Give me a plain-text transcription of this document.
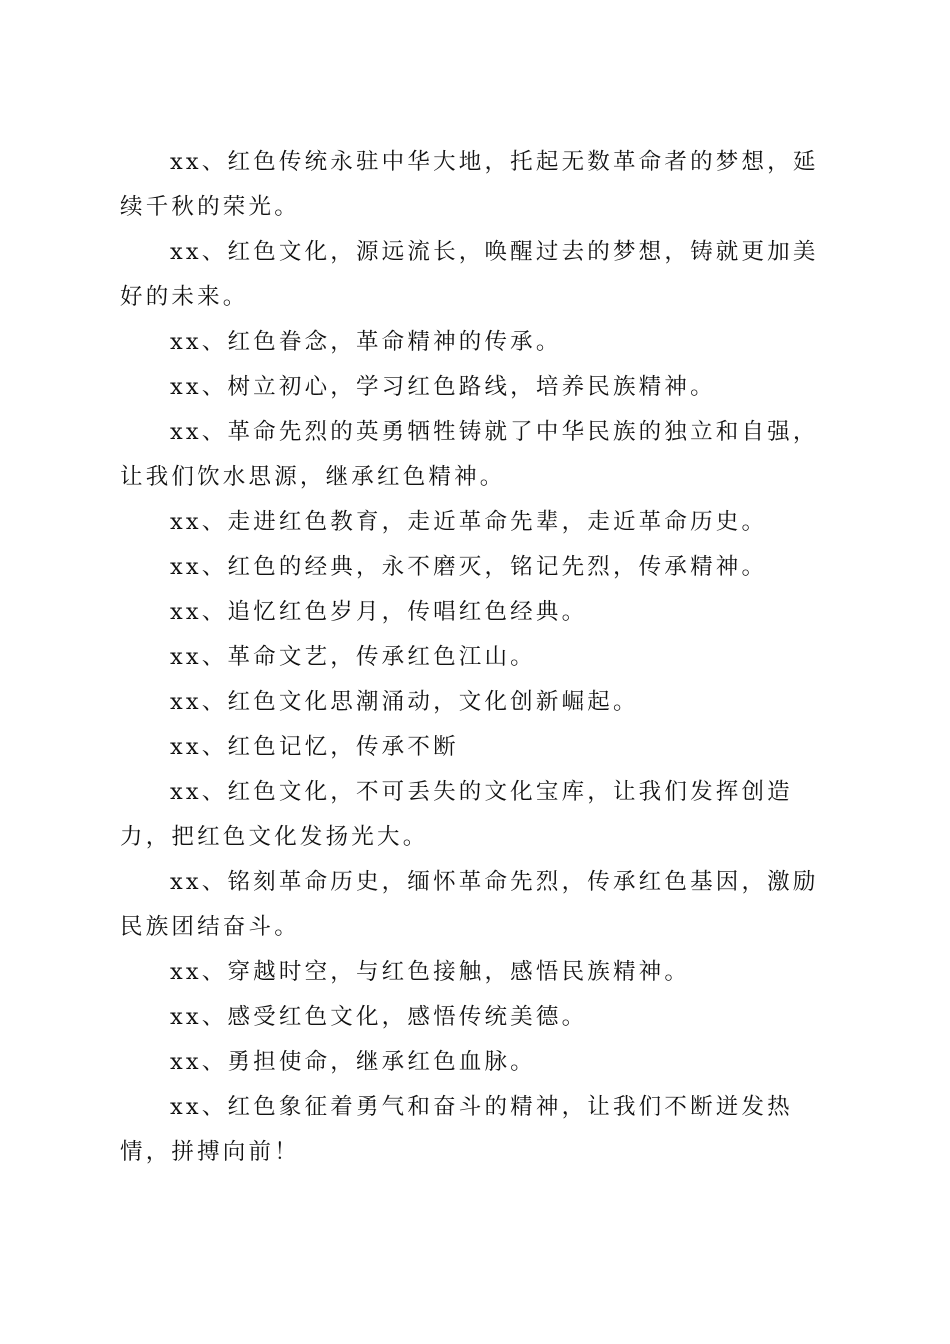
xx、红色传统永驻中华大地，托起无数革命者的梦想，延续千秋的荣光。

xx、红色文化，源远流长，唤醒过去的梦想，铸就更加美好的未来。

xx、红色眷念，革命精神的传承。

xx、树立初心，学习红色路线，培养民族精神。

xx、革命先烈的英勇牺牲铸就了中华民族的独立和自强，让我们饮水思源，继承红色精神。

xx、走进红色教育，走近革命先辈，走近革命历史。

xx、红色的经典，永不磨灭，铭记先烈，传承精神。

xx、追忆红色岁月，传唱红色经典。

xx、革命文艺，传承红色江山。

xx、红色文化思潮涌动，文化创新崛起。

xx、红色记忆，传承不断

xx、红色文化，不可丢失的文化宝库，让我们发挥创造力，把红色文化发扬光大。

xx、铭刻革命历史，缅怀革命先烈，传承红色基因，激励民族团结奋斗。

xx、穿越时空，与红色接触，感悟民族精神。

xx、感受红色文化，感悟传统美德。

xx、勇担使命，继承红色血脉。

xx、红色象征着勇气和奋斗的精神，让我们不断迸发热情，拼搏向前！
